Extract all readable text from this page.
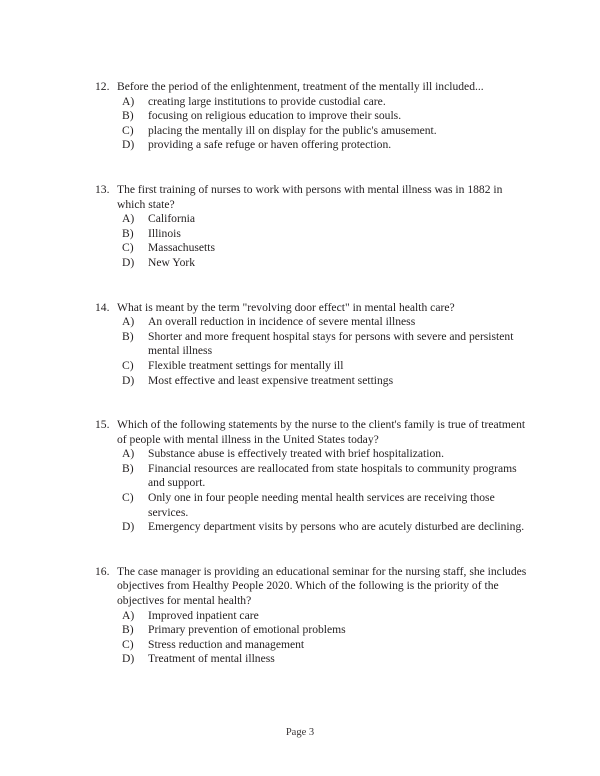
12. Before the period of the enlightenment, treatment of the mentally ill included...
A)	creating large institutions to provide custodial care.
B)	focusing on religious education to improve their souls.
C)	placing the mentally ill on display for the public's amusement.
D)	providing a safe refuge or haven offering protection.
13. The first training of nurses to work with persons with mental illness was in 1882 in which state?
A)	California
B)	Illinois
C)	Massachusetts
D)	New York
14. What is meant by the term "revolving door effect" in mental health care?
A)	An overall reduction in incidence of severe mental illness
B)	Shorter and more frequent hospital stays for persons with severe and persistent mental illness
C)	Flexible treatment settings for mentally ill
D)	Most effective and least expensive treatment settings
15. Which of the following statements by the nurse to the client's family is true of treatment of people with mental illness in the United States today?
A)	Substance abuse is effectively treated with brief hospitalization.
B)	Financial resources are reallocated from state hospitals to community programs and support.
C)	Only one in four people needing mental health services are receiving those services.
D)	Emergency department visits by persons who are acutely disturbed are declining.
16. The case manager is providing an educational seminar for the nursing staff, she includes objectives from Healthy People 2020. Which of the following is the priority of the objectives for mental health?
A)	Improved inpatient care
B)	Primary prevention of emotional problems
C)	Stress reduction and management
D)	Treatment of mental illness
Page 3
